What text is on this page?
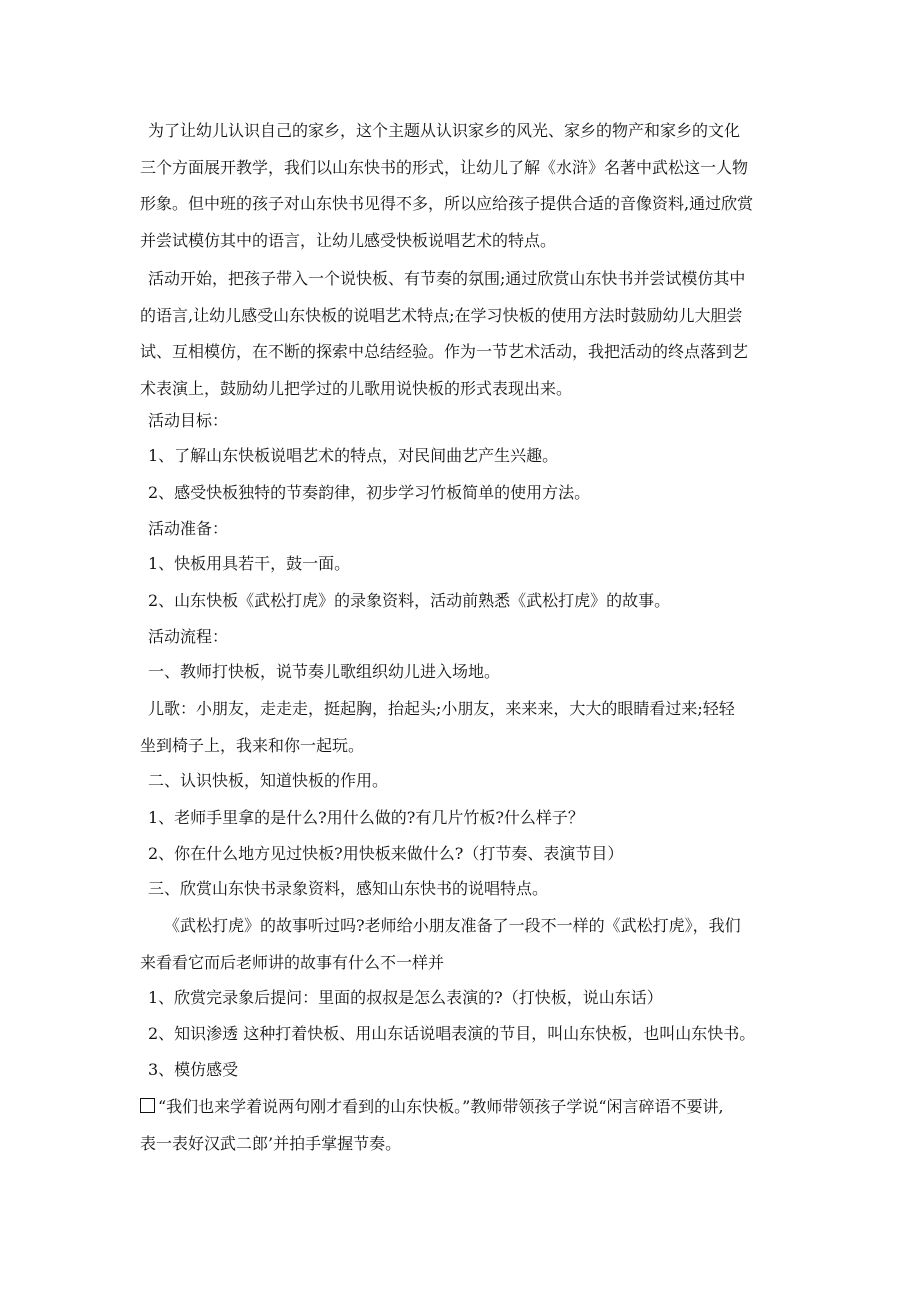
为了让幼儿认识自己的家乡，这个主题从认识家乡的风光、家乡的物产和家乡的文化
三个方面展开教学，我们以山东快书的形式，让幼儿了解《水浒》名著中武松这一人物
形象。但中班的孩子对山东快书见得不多，所以应给孩子提供合适的音像资料,通过欣赏
并尝试模仿其中的语言，让幼儿感受快板说唱艺术的特点。

活动开始，把孩子带入一个说快板、有节奏的氛围;通过欣赏山东快书并尝试模仿其中
的语言,让幼儿感受山东快板的说唱艺术特点;在学习快板的使用方法时鼓励幼儿大胆尝
试、互相模仿，在不断的探索中总结经验。作为一节艺术活动，我把活动的终点落到艺
术表演上，鼓励幼儿把学过的儿歌用说快板的形式表现出来。

活动目标：

1、了解山东快板说唱艺术的特点，对民间曲艺产生兴趣。

2、感受快板独特的节奏韵律，初步学习竹板简单的使用方法。

活动准备：

1、快板用具若干，鼓一面。

2、山东快板《武松打虎》的录象资料，活动前熟悉《武松打虎》的故事。

活动流程：

一、教师打快板，说节奏儿歌组织幼儿进入场地。

儿歌：小朋友，走走走，挺起胸，抬起头;小朋友，来来来，大大的眼睛看过来;轻轻
坐到椅子上，我来和你一起玩。

二、认识快板，知道快板的作用。

1、老师手里拿的是什么?用什么做的?有几片竹板?什么样子？

2、你在什么地方见过快板?用快板来做什么?（打节奏、表演节目）

三、欣赏山东快书录象资料，感知山东快书的说唱特点。

《武松打虎》的故事听过吗?老师给小朋友准备了一段不一样的《武松打虎》，我们
来看看它而后老师讲的故事有什么不一样并

1、欣赏完录象后提问：里面的叔叔是怎么表演的?（打快板，说山东话）

2、知识渗透 这种打着快板、用山东话说唱表演的节目，叫山东快板，也叫山东快书。

3、模仿感受

“我们也来学着说两句刚才看到的山东快板。”教师带领孩子学说“闲言碎语不要讲,
表一表好汉武二郎’并拍手掌握节奏。
